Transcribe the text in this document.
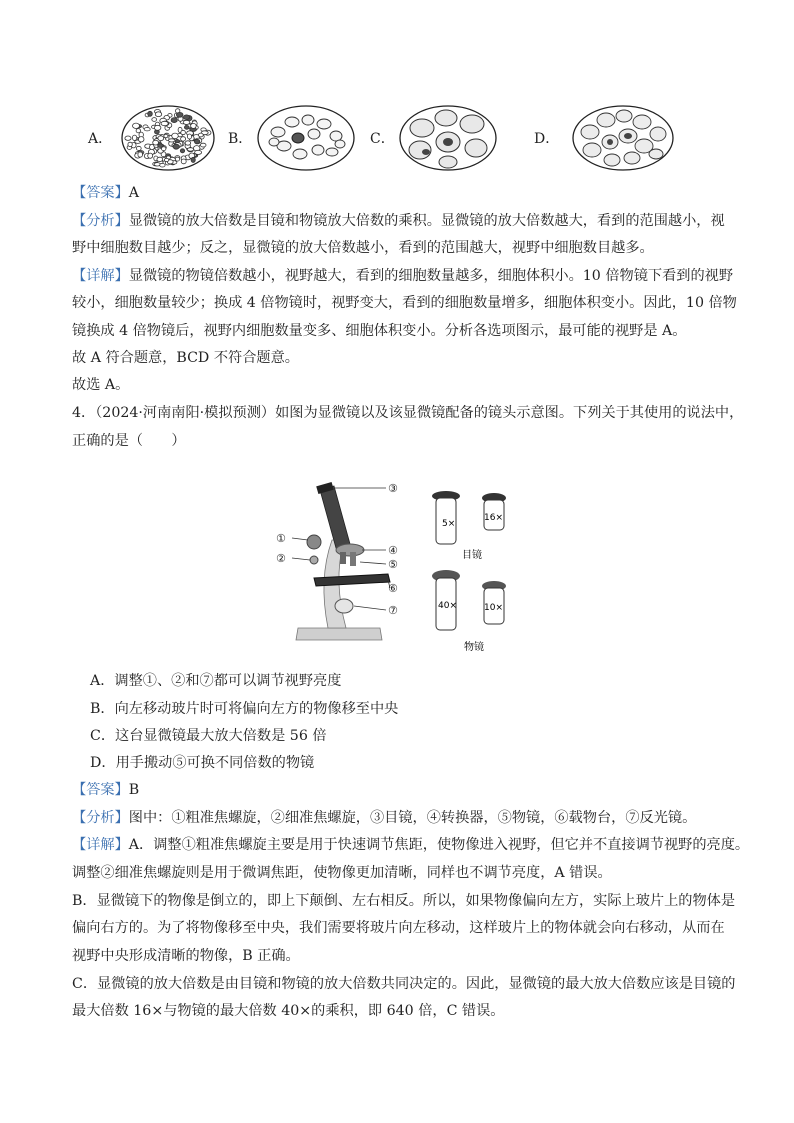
A．	B．	C．	D．
【答案】A
【分析】显微镜的放大倍数是目镜和物镜放大倍数的乘积。显微镜的放大倍数越大，看到的范围越小，视
野中细胞数目越少；反之，显微镜的放大倍数越小，看到的范围越大，视野中细胞数目越多。
【详解】显微镜的物镜倍数越小，视野越大，看到的细胞数量越多，细胞体积小。10 倍物镜下看到的视野
较小，细胞数量较少；换成 4 倍物镜时，视野变大，看到的细胞数量增多，细胞体积变小。因此，10 倍物
镜换成 4 倍物镜后，视野内细胞数量变多、细胞体积变小。分析各选项图示，最可能的视野是 A。
故 A 符合题意，BCD 不符合题意。
故选 A。
4．（2024·河南南阳·模拟预测）如图为显微镜以及该显微镜配备的镜头示意图。下列关于其使用的说法中，
正确的是（　　）
③
①
②
④
⑤
⑥
⑦
5×
16×
目镜
40×	10×
物镜
A．调整①、②和⑦都可以调节视野亮度
B．向左移动玻片时可将偏向左方的物像移至中央
C．这台显微镜最大放大倍数是 56 倍
D．用手搬动⑤可换不同倍数的物镜
【答案】B
【分析】图中：①粗准焦螺旋，②细准焦螺旋，③目镜，④转换器，⑤物镜，⑥载物台，⑦反光镜。
【详解】A．调整①粗准焦螺旋主要是用于快速调节焦距，使物像进入视野，但它并不直接调节视野的亮度。
调整②细准焦螺旋则是用于微调焦距，使物像更加清晰，同样也不调节亮度，A 错误。
B．显微镜下的物像是倒立的，即上下颠倒、左右相反。所以，如果物像偏向左方，实际上玻片上的物体是
偏向右方的。为了将物像移至中央，我们需要将玻片向左移动，这样玻片上的物体就会向右移动，从而在
视野中央形成清晰的物像，B 正确。
C．显微镜的放大倍数是由目镜和物镜的放大倍数共同决定的。因此，显微镜的最大放大倍数应该是目镜的
最大倍数 16×与物镜的最大倍数 40×的乘积，即 640 倍，C 错误。
